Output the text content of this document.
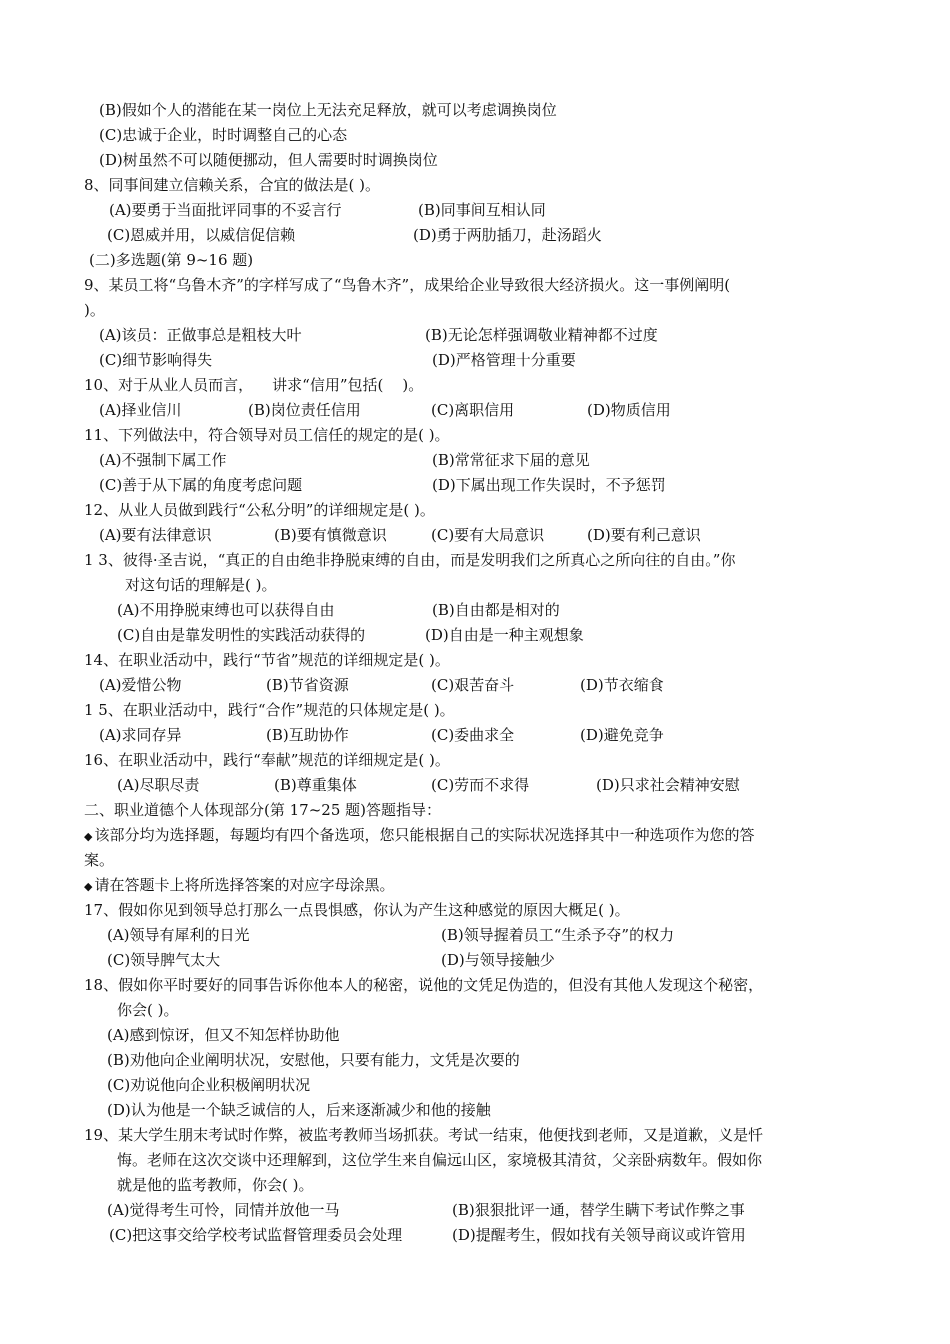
(B)假如个人的潜能在某一岗位上无法充足释放，就可以考虑调换岗位
(C)忠诚于企业，时时调整自己的心态
(D)树虽然不可以随便挪动，但人需要时时调换岗位
8、同事间建立信赖关系，合宜的做法是( )。
(A)要勇于当面批评同事的不妥言行	(B)同事间互相认同
(C)恩威并用，以威信促信赖	(D)勇于两肋插刀，赴汤蹈火
(二)多选题(第 9~16 题)
9、某员工将“乌鲁木齐”的字样写成了“鸟鲁木齐”，成果给企业导致很大经济损火。这一事例阐明(
)。
(A)该员：正做事总是粗枝大叶	(B)无论怎样强调敬业精神都不过度
(C)细节影响得失	(D)严格管理十分重要
10、对于从业人员而言，    讲求“信用”包括(    )。
(A)择业信川	(B)岗位责任信用	(C)离职信用	(D)物质信用
11、下列做法中，符合领导对员工信任的规定的是( )。
(A)不强制下属工作	(B)常常征求下届的意见
(C)善于从下属的角度考虑问题	(D)下属出现工作失误时，不予惩罚
12、从业人员做到践行“公私分明”的详细规定是( )。
(A)要有法律意识	(B)要有慎微意识	(C)要有大局意识	(D)要有利己意识
1 3、彼得·圣吉说，“真正的自由绝非挣脱束缚的自由，而是发明我们之所真心之所向往的自由。”你
对这句话的理解是( )。
(A)不用挣脱束缚也可以获得自由	(B)自由都是相对的
(C)自由是靠发明性的实践活动获得的	(D)自由是一种主观想象
14、在职业活动中，践行“节省”规范的详细规定是( )。
(A)爱惜公物	(B)节省资源	(C)艰苦奋斗	(D)节衣缩食
1 5、在职业活动中，践行“合作”规范的只体规定是( )。
(A)求同存异	(B)互助协作	(C)委曲求全	(D)避免竞争
16、在职业活动中，践行“奉献”规范的详细规定是( )。
(A)尽职尽责	(B)尊重集体	(C)劳而不求得	(D)只求社会精神安慰
二、职业道德个人体现部分(第 17~25 题)答题指导：
◆ 该部分均为选择题，每题均有四个备选项，您只能根据自己的实际状况选择其中一种选项作为您的答
案。
◆ 请在答题卡上将所选择答案的对应字母涂黑。
17、假如你见到领导总打那么一点畏惧感，你认为产生这种感觉的原因大概足( )。
(A)领导有犀利的日光	(B)领导握着员工“生杀予夺”的权力
(C)领导脾气太大	(D)与领导接触少
18、假如你平时要好的同事告诉你他本人的秘密，说他的文凭足伪造的，但没有其他人发现这个秘密，
你会( )。
(A)感到惊讶，但又不知怎样协助他
(B)劝他向企业阐明状况，安慰他，只要有能力，文凭是次要的
(C)劝说他向企业积极阐明状况
(D)认为他是一个缺乏诚信的人，后来逐渐减少和他的接触
19、某大学生朋末考试时作弊，被监考教师当场抓获。考试一结束，他便找到老师，又是道歉，义是忏
悔。老师在这次交谈中还理解到，这位学生来自偏远山区，家境极其清贫，父亲卧病数年。假如你
就是他的监考教师，你会( )。
(A)觉得考生可怜，同情并放他一马	(B)狠狠批评一通，替学生瞒下考试作弊之事
(C)把这事交给学校考试监督管理委员会处理	(D)提醒考生，假如找有关领导商议或许管用
